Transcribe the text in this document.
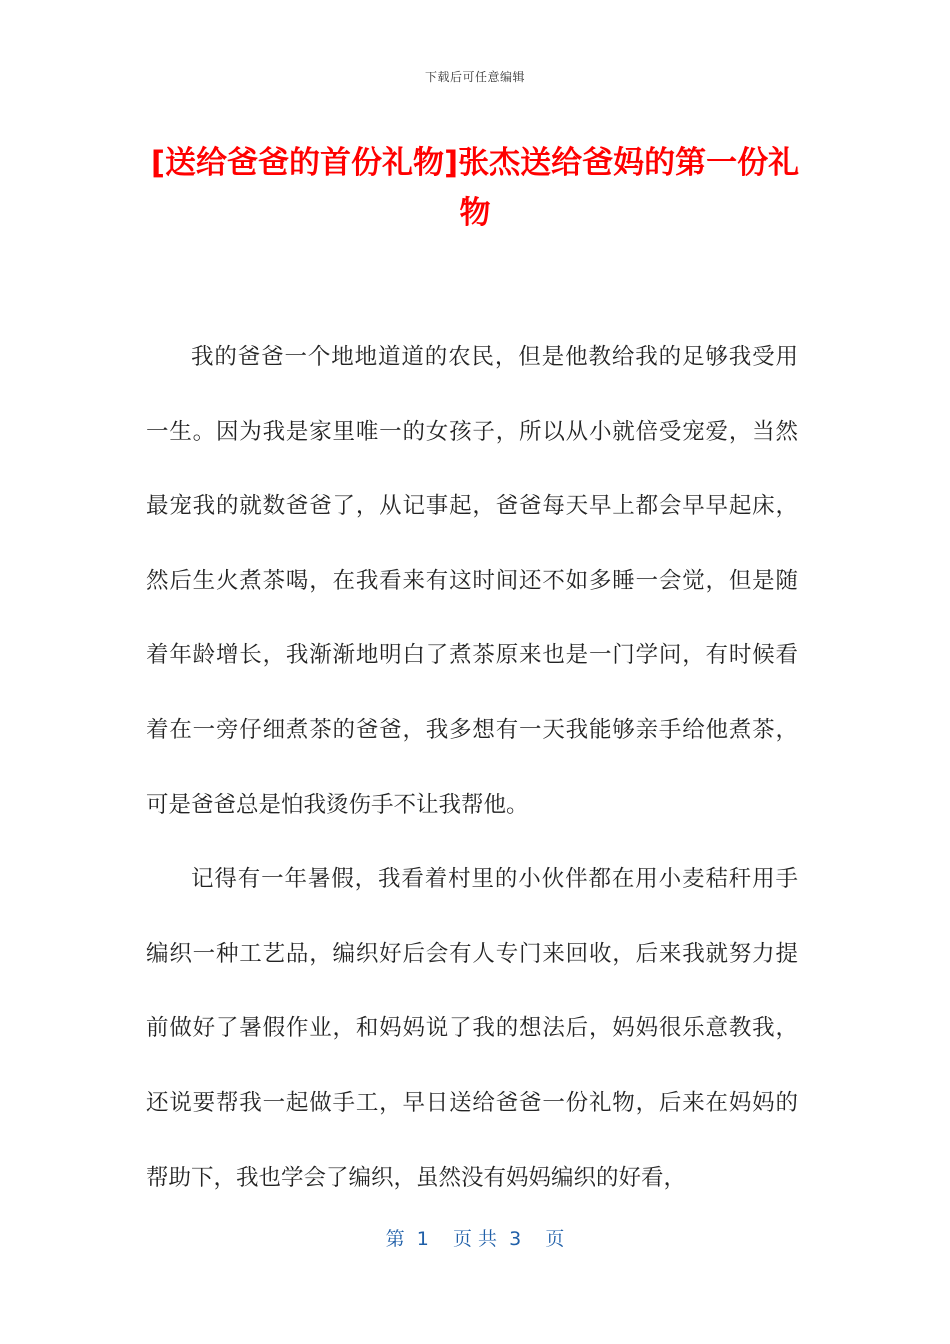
下载后可任意编辑
[送给爸爸的首份礼物]张杰送给爸妈的第一份礼物

我的爸爸一个地地道道的农民，但是他教给我的足够我受用一生。因为我是家里唯一的女孩子，所以从小就倍受宠爱，当然最宠我的就数爸爸了，从记事起，爸爸每天早上都会早早起床，然后生火煮茶喝，在我看来有这时间还不如多睡一会觉，但是随着年龄增长，我渐渐地明白了煮茶原来也是一门学问，有时候看着在一旁仔细煮茶的爸爸，我多想有一天我能够亲手给他煮茶，可是爸爸总是怕我烫伤手不让我帮他。

记得有一年暑假，我看着村里的小伙伴都在用小麦秸秆用手编织一种工艺品，编织好后会有人专门来回收，后来我就努力提前做好了暑假作业，和妈妈说了我的想法后，妈妈很乐意教我，还说要帮我一起做手工，早日送给爸爸一份礼物，后来在妈妈的帮助下，我也学会了编织，虽然没有妈妈编织的好看，

第  1    页 共  3    页
